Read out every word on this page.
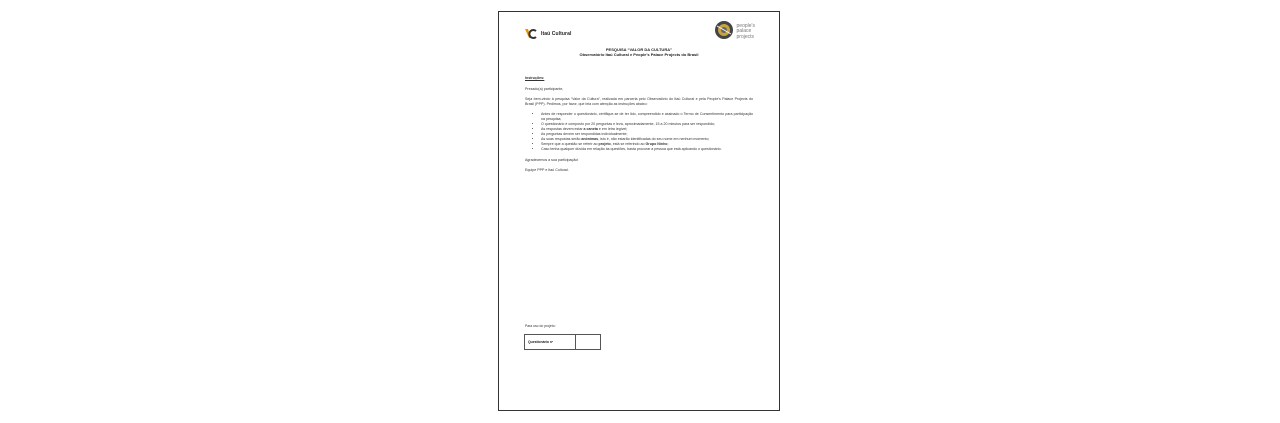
Itaú Cultural
people's
palace
projects
PESQUISA “VALOR DA CULTURA”
Observatório Itaú Cultural e People’s Palace Projects do Brasil

Instruções:

Prezado(a) participante,

Seja bem-vindo à pesquisa “Valor da Cultura”, realizada em parceria pelo Observatório do Itaú Cultural e pela People’s Palace Projects do Brasil (PPP). Pedimos, por favor, que leia com atenção as instruções abaixo:

• Antes de responder o questionário, certifique-se de ter lido, compreendido e assinado o Termo de Consentimento para participação na pesquisa;
• O questionário é composto por 20 perguntas e leva, aproximadamente, 15 a 20 minutos para ser respondido;
• As respostas devem estar a caneta e em letra legível;
• As perguntas devem ser respondidas individualmente;
• As suas respostas serão anônimas, isto é, não estarão identificadas do seu nome em nenhum momento;
• Sempre que a questão se referir ao projeto, está se referindo ao Grupo Ninho;
• Caso tenha qualquer dúvida em relação às questões, basta procurar a pessoa que está aplicando o questionário.

Agradecemos a sua participação!

Equipe PPP e Itaú Cultural.

Para uso do projeto:
Questionário nº	
